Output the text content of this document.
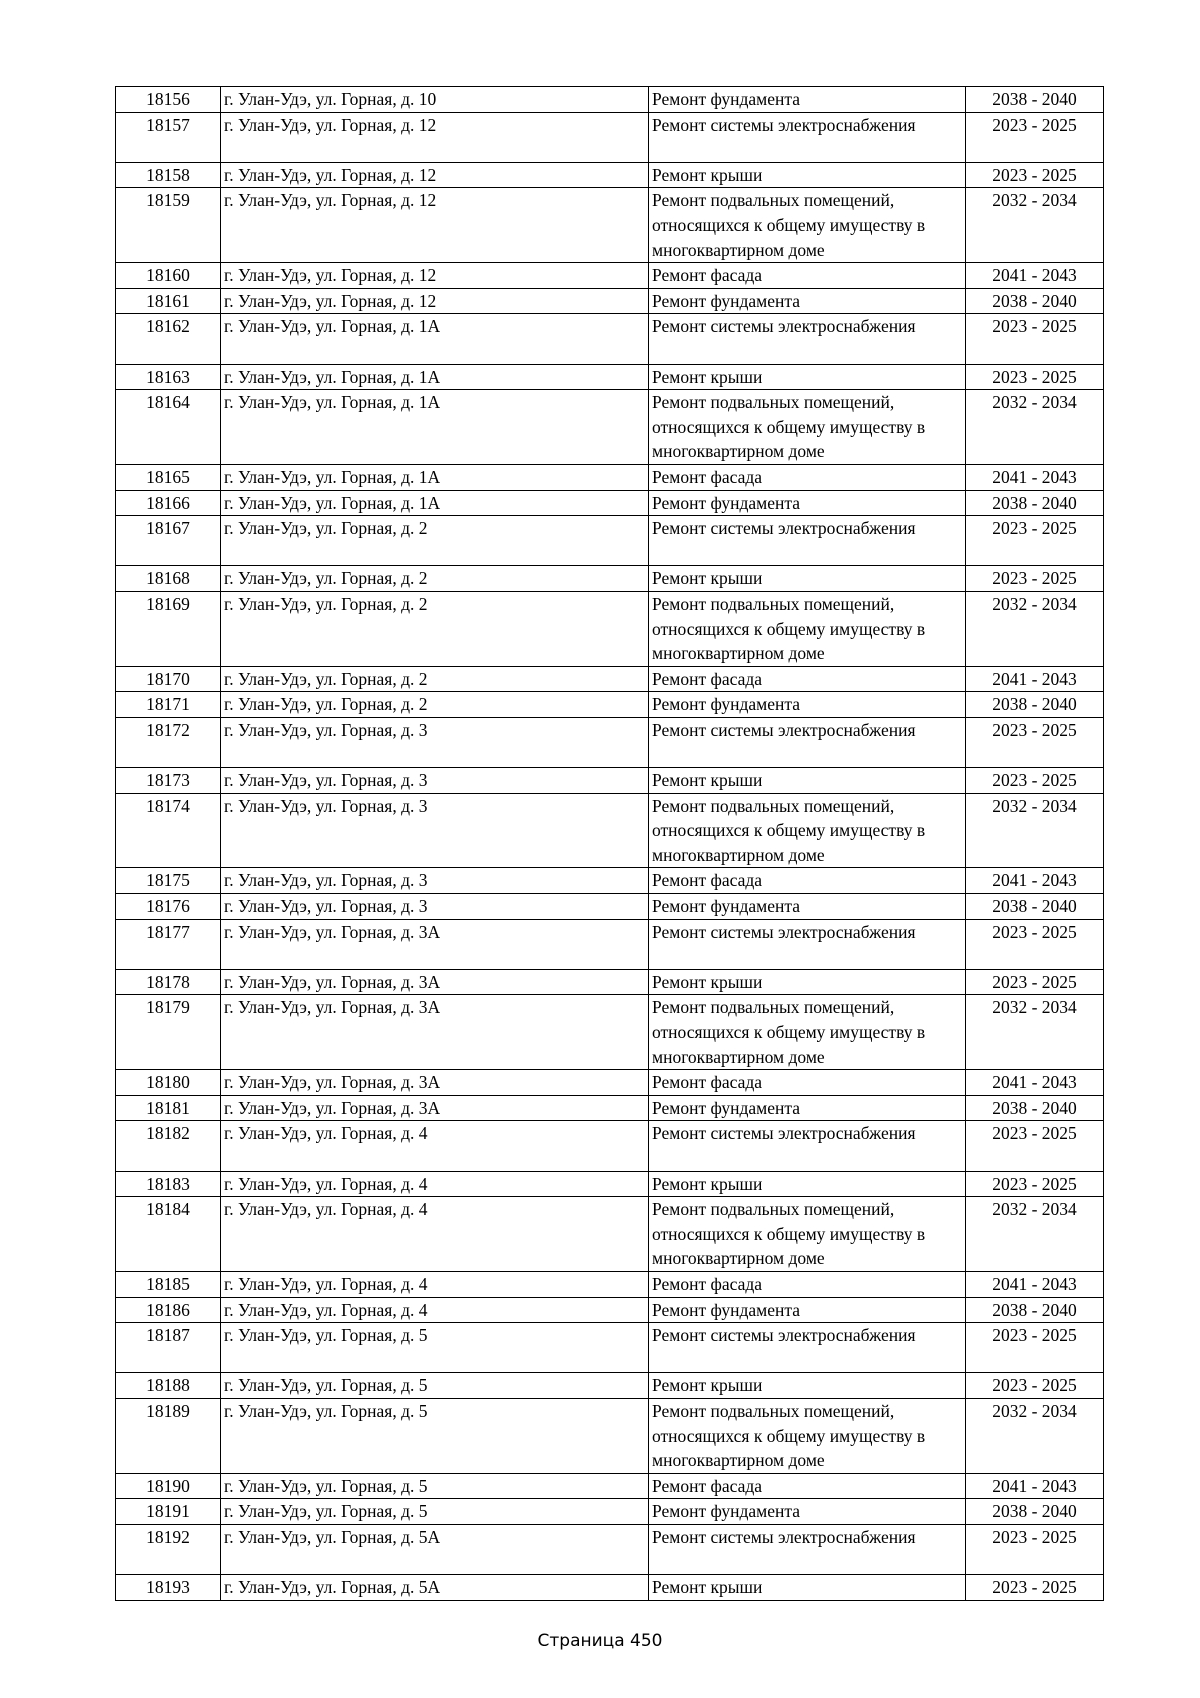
18156	г. Улан-Удэ, ул. Горная, д. 10	Ремонт фундамента	2038 - 2040
18157	г. Улан-Удэ, ул. Горная, д. 12	Ремонт системы электроснабжения	2023 - 2025
18158	г. Улан-Удэ, ул. Горная, д. 12	Ремонт крыши	2023 - 2025
18159	г. Улан-Удэ, ул. Горная, д. 12	Ремонт подвальных помещений, относящихся к общему имуществу в многоквартирном доме	2032 - 2034
18160	г. Улан-Удэ, ул. Горная, д. 12	Ремонт фасада	2041 - 2043
18161	г. Улан-Удэ, ул. Горная, д. 12	Ремонт фундамента	2038 - 2040
18162	г. Улан-Удэ, ул. Горная, д. 1А	Ремонт системы электроснабжения	2023 - 2025
18163	г. Улан-Удэ, ул. Горная, д. 1А	Ремонт крыши	2023 - 2025
18164	г. Улан-Удэ, ул. Горная, д. 1А	Ремонт подвальных помещений, относящихся к общему имуществу в многоквартирном доме	2032 - 2034
18165	г. Улан-Удэ, ул. Горная, д. 1А	Ремонт фасада	2041 - 2043
18166	г. Улан-Удэ, ул. Горная, д. 1А	Ремонт фундамента	2038 - 2040
18167	г. Улан-Удэ, ул. Горная, д. 2	Ремонт системы электроснабжения	2023 - 2025
18168	г. Улан-Удэ, ул. Горная, д. 2	Ремонт крыши	2023 - 2025
18169	г. Улан-Удэ, ул. Горная, д. 2	Ремонт подвальных помещений, относящихся к общему имуществу в многоквартирном доме	2032 - 2034
18170	г. Улан-Удэ, ул. Горная, д. 2	Ремонт фасада	2041 - 2043
18171	г. Улан-Удэ, ул. Горная, д. 2	Ремонт фундамента	2038 - 2040
18172	г. Улан-Удэ, ул. Горная, д. 3	Ремонт системы электроснабжения	2023 - 2025
18173	г. Улан-Удэ, ул. Горная, д. 3	Ремонт крыши	2023 - 2025
18174	г. Улан-Удэ, ул. Горная, д. 3	Ремонт подвальных помещений, относящихся к общему имуществу в многоквартирном доме	2032 - 2034
18175	г. Улан-Удэ, ул. Горная, д. 3	Ремонт фасада	2041 - 2043
18176	г. Улан-Удэ, ул. Горная, д. 3	Ремонт фундамента	2038 - 2040
18177	г. Улан-Удэ, ул. Горная, д. 3А	Ремонт системы электроснабжения	2023 - 2025
18178	г. Улан-Удэ, ул. Горная, д. 3А	Ремонт крыши	2023 - 2025
18179	г. Улан-Удэ, ул. Горная, д. 3А	Ремонт подвальных помещений, относящихся к общему имуществу в многоквартирном доме	2032 - 2034
18180	г. Улан-Удэ, ул. Горная, д. 3А	Ремонт фасада	2041 - 2043
18181	г. Улан-Удэ, ул. Горная, д. 3А	Ремонт фундамента	2038 - 2040
18182	г. Улан-Удэ, ул. Горная, д. 4	Ремонт системы электроснабжения	2023 - 2025
18183	г. Улан-Удэ, ул. Горная, д. 4	Ремонт крыши	2023 - 2025
18184	г. Улан-Удэ, ул. Горная, д. 4	Ремонт подвальных помещений, относящихся к общему имуществу в многоквартирном доме	2032 - 2034
18185	г. Улан-Удэ, ул. Горная, д. 4	Ремонт фасада	2041 - 2043
18186	г. Улан-Удэ, ул. Горная, д. 4	Ремонт фундамента	2038 - 2040
18187	г. Улан-Удэ, ул. Горная, д. 5	Ремонт системы электроснабжения	2023 - 2025
18188	г. Улан-Удэ, ул. Горная, д. 5	Ремонт крыши	2023 - 2025
18189	г. Улан-Удэ, ул. Горная, д. 5	Ремонт подвальных помещений, относящихся к общему имуществу в многоквартирном доме	2032 - 2034
18190	г. Улан-Удэ, ул. Горная, д. 5	Ремонт фасада	2041 - 2043
18191	г. Улан-Удэ, ул. Горная, д. 5	Ремонт фундамента	2038 - 2040
18192	г. Улан-Удэ, ул. Горная, д. 5А	Ремонт системы электроснабжения	2023 - 2025
18193	г. Улан-Удэ, ул. Горная, д. 5А	Ремонт крыши	2023 - 2025
Страница 450
